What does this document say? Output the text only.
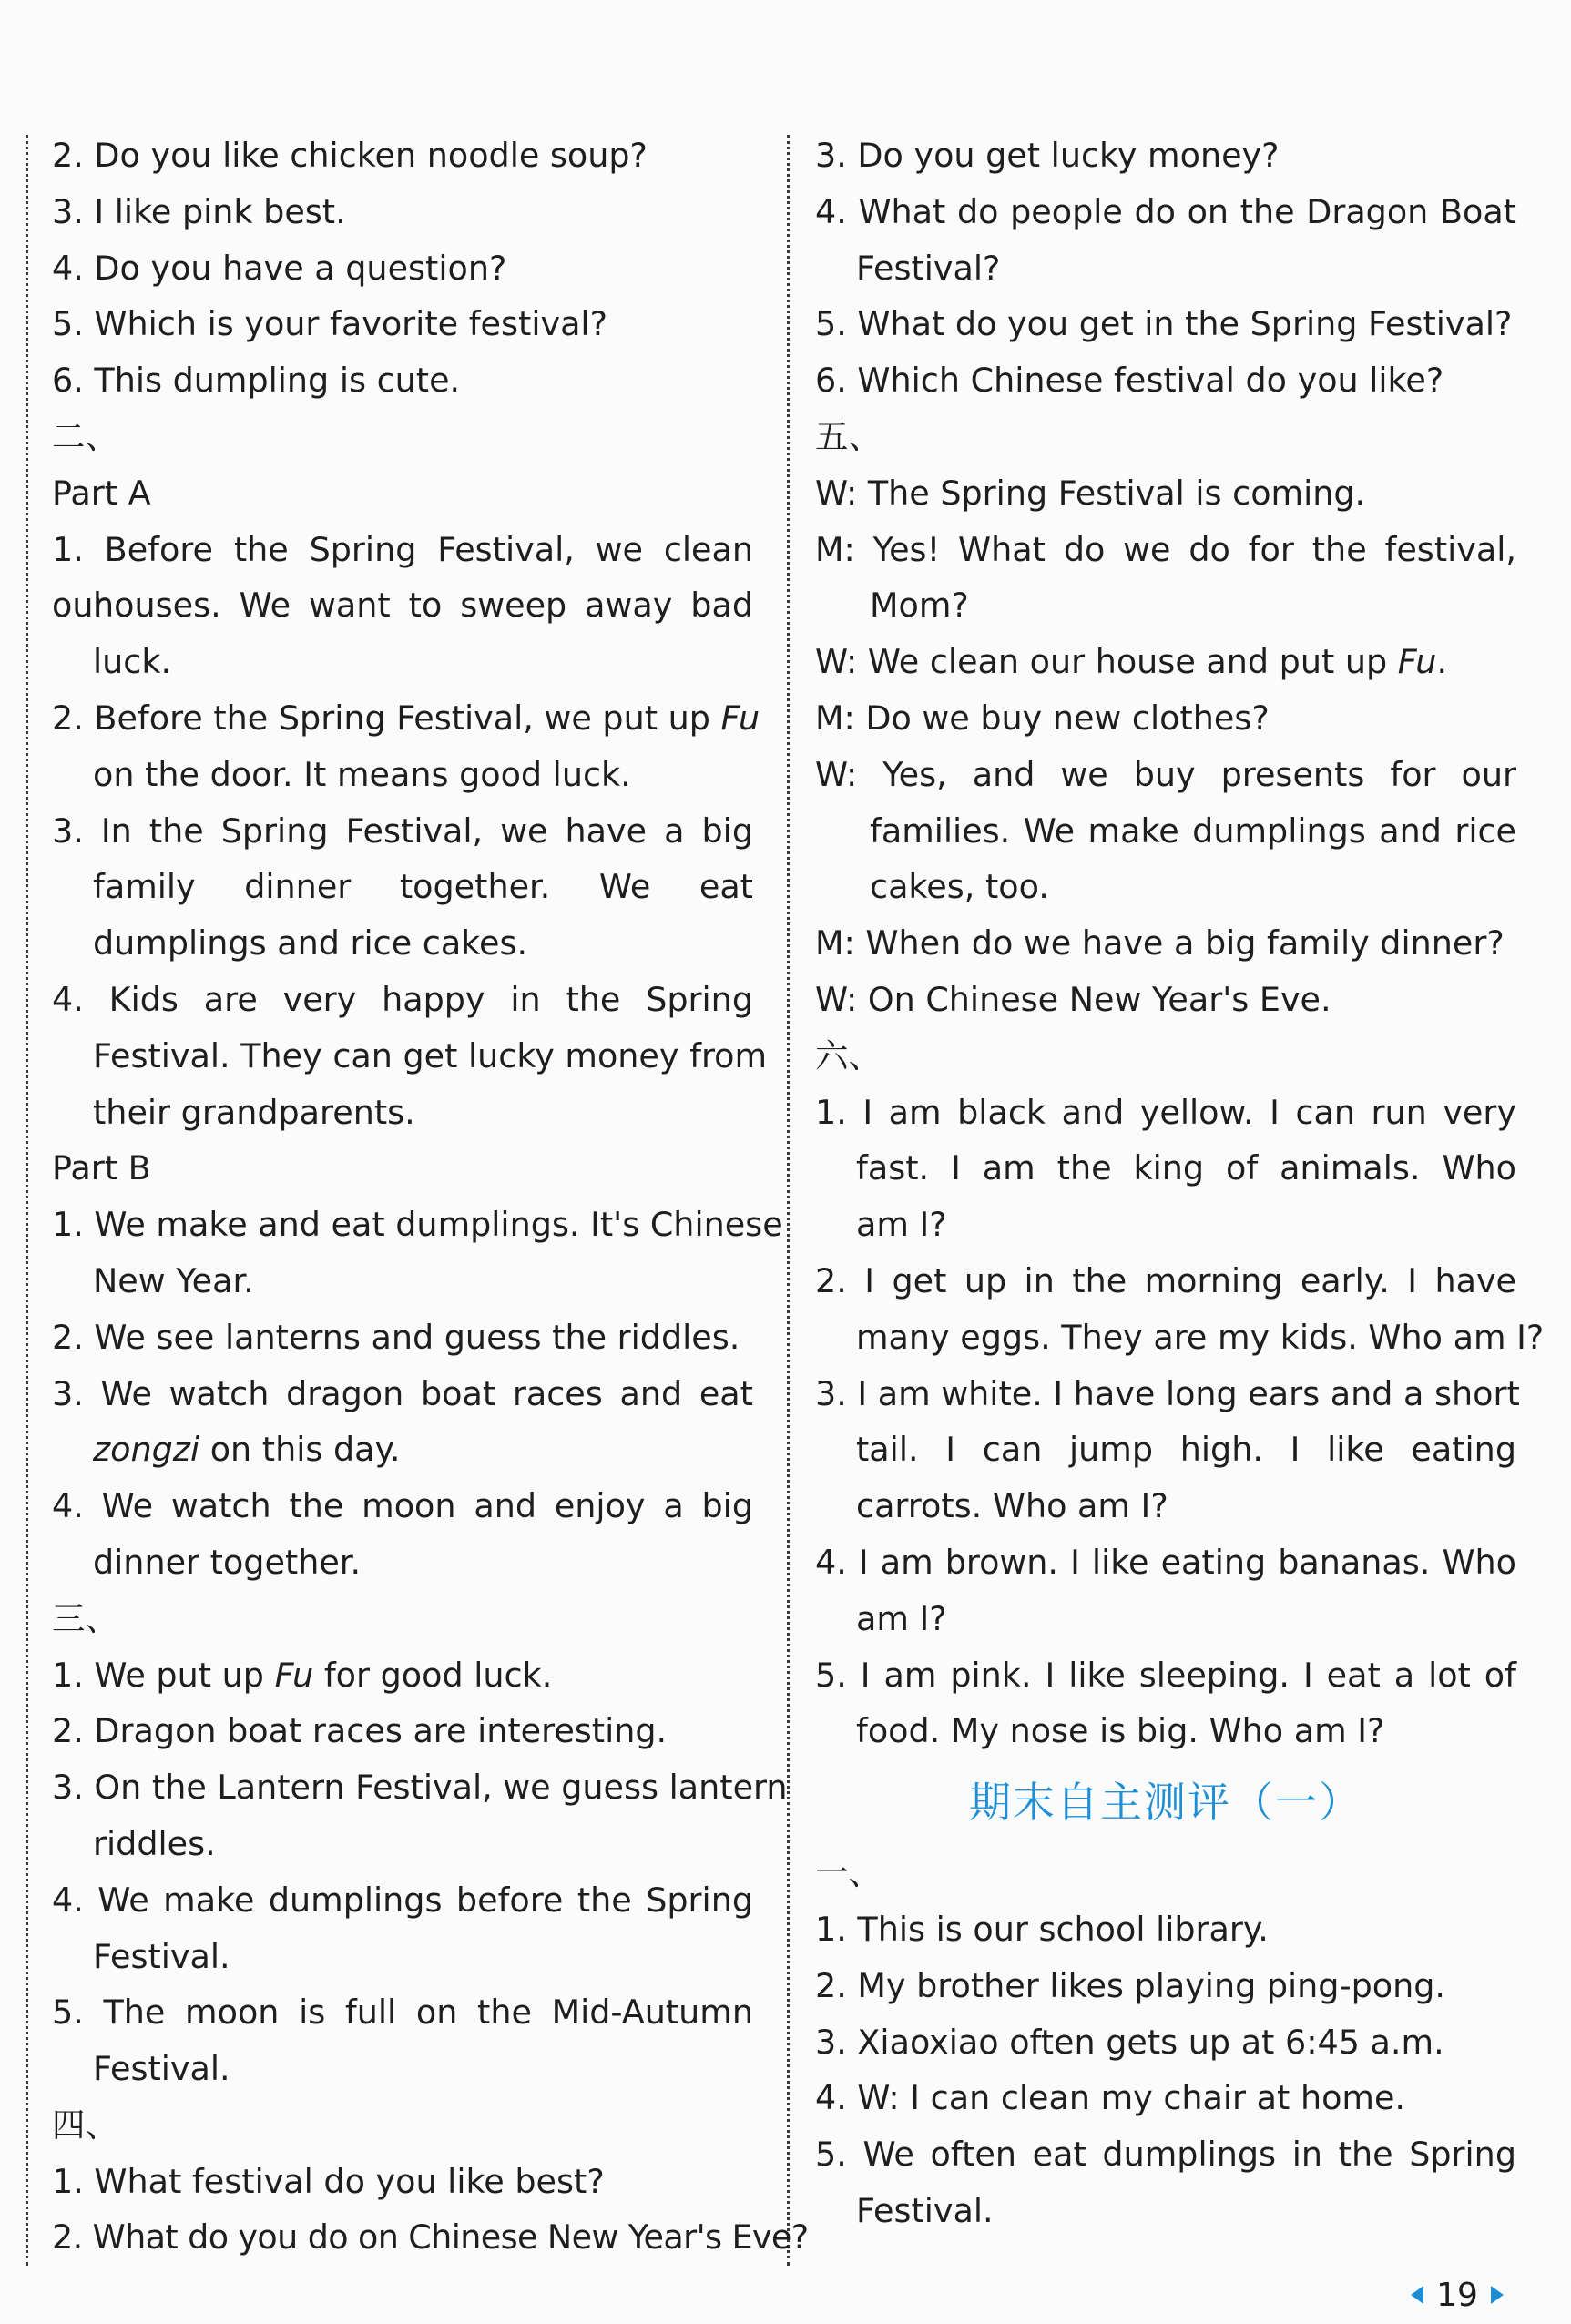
2. Do you like chicken noodle soup?
3. I like pink best.
4. Do you have a question?
5. Which is your favorite festival?
6. This dumpling is cute.
二、
Part A
1. Before the Spring Festival, we clean our
houses. We want to sweep away bad
luck.
2. Before the Spring Festival, we put up Fu
on the door. It means good luck.
3. In the Spring Festival, we have a big
family dinner together. We eat
dumplings and rice cakes.
4. Kids are very happy in the Spring
Festival. They can get lucky money from
their grandparents.
Part B
1. We make and eat dumplings. It's Chinese
New Year.
2. We see lanterns and guess the riddles.
3. We watch dragon boat races and eat
zongzi on this day.
4. We watch the moon and enjoy a big
dinner together.
三、
1. We put up Fu for good luck.
2. Dragon boat races are interesting.
3. On the Lantern Festival, we guess lantern
riddles.
4. We make dumplings before the Spring
Festival.
5. The moon is full on the Mid-Autumn
Festival.
四、
1. What festival do you like best?
2. What do you do on Chinese New Year's Eve?
3. Do you get lucky money?
4. What do people do on the Dragon Boat
Festival?
5. What do you get in the Spring Festival?
6. Which Chinese festival do you like?
五、
W: The Spring Festival is coming.
M: Yes! What do we do for the festival,
Mom?
W: We clean our house and put up Fu.
M: Do we buy new clothes?
W: Yes, and we buy presents for our
families. We make dumplings and rice
cakes, too.
M: When do we have a big family dinner?
W: On Chinese New Year's Eve.
六、
1. I am black and yellow. I can run very
fast. I am the king of animals. Who
am I?
2. I get up in the morning early. I have
many eggs. They are my kids. Who am I?
3. I am white. I have long ears and a short
tail. I can jump high. I like eating
carrots. Who am I?
4. I am brown. I like eating bananas. Who
am I?
5. I am pink. I like sleeping. I eat a lot of
food. My nose is big. Who am I?
期末自主测评（一）
一、
1. This is our school library.
2. My brother likes playing ping-pong.
3. Xiaoxiao often gets up at 6:45 a.m.
4. W: I can clean my chair at home.
5. We often eat dumplings in the Spring
Festival.
19
